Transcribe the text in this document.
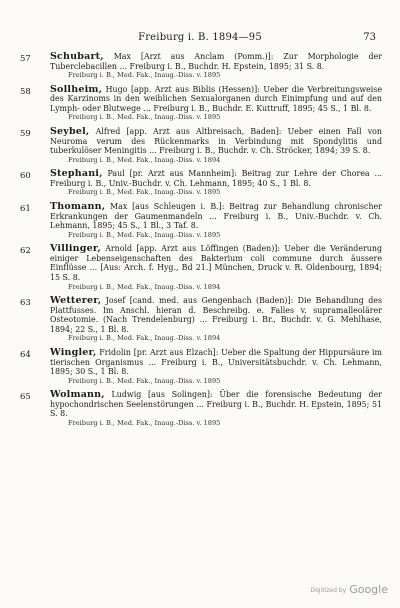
Freiburg i. B. 1894—95	73
57	Schubart, Max [Arzt aus Anclam (Pomm.)]: Zur Morphologie der Tuberclebacillen ... Freiburg i. B., Buchdr. H. Epstein, 1895; 31 S. 8.

Freiburg i. B., Med. Fak., Inaug.-Diss. v. 1895

58	Sollheim, Hugo [app. Arzt aus Biblis (Hessen)]: Ueber die Verbreitungsweise des Karzinoms in den weiblichen Sexualorganen durch Einimpfung und auf den Lymph- oder Blutwege ... Freiburg i. B., Buchdr. E. Kuttruff, 1895; 45 S., 1 Bl. 8.

Freiburg i. B., Med. Fak., Inaug.-Diss. v. 1895

59	Seybel, Alfred [app. Arzt aus Altbreisach, Baden]: Ueber einen Fall von Neuroma verum des Rückenmarks in Verbindung mit Spondylitis und tuberkulöser Meningitis ... Freiburg i. B., Buchdr. v. Ch. Ströcker, 1894; 39 S. 8.

Freiburg i. B., Med. Fak., Inaug.-Diss. v. 1894

60	Stephani, Paul [pr. Arzt aus Mannheim]: Beitrag zur Lehre der Chorea ... Freiburg i. B., Univ.-Buchdr. v. Ch. Lehmann, 1895; 40 S., 1 Bl. 8.

Freiburg i. B., Med. Fak., Inaug.-Diss. v. 1895

61	Thomann, Max [aus Schleugen i. B.]: Beitrag zur Behandlung chronischer Erkrankungen der Gaumenmandeln ... Freiburg i. B., Univ.-Buchdr. v. Ch. Lehmann, 1895; 45 S., 1 Bl., 3 Taf. 8.

Freiburg i. B., Med. Fak., Inaug.-Diss. v. 1895

62	Villinger, Arnold [app. Arzt aus Löffingen (Baden)]: Ueber die Veränderung einiger Lebenseigenschaften des Bakterium coli commune durch äussere Einflüsse ... [Aus: Arch. f. Hyg., Bd 21.] München, Druck v. R. Oldenbourg, 1894; 15 S. 8.

Freiburg i. B., Med. Fak., Inaug.-Diss. v. 1894

63	Wetterer, Josef [cand. med. aus Gengenbach (Baden)]: Die Behandlung des Plattfusses. Im Anschl. hieran d. Beschreibg. e. Falles v. supramalleolärer Osteotomie. (Nach Trendelenburg) ... Freiburg i. Br., Buchdr. v. G. Mehlhase, 1894; 22 S., 1 Bl. 8.

Freiburg i. B., Med. Fak., Inaug.-Diss. v. 1894

64	Wingler, Fridolin [pr. Arzt aus Elzach]: Ueber die Spaltung der Hippursäure im tierischen Organismus ... Freiburg i. B., Universitätsbuchdr. v. Ch. Lehmann, 1895; 30 S., 1 Bl. 8.

Freiburg i. B., Med. Fak., Inaug.-Diss. v. 1895

65	Wolmann, Ludwig [aus Solingen]: Über die forensische Bedeutung der hypochondrischen Seelenstörungen ... Freiburg i. B., Buchdr. H. Epstein, 1895; 51 S. 8.

Freiburg i. B., Med. Fak., Inaug.-Diss. v. 1895

Digitized by Google
